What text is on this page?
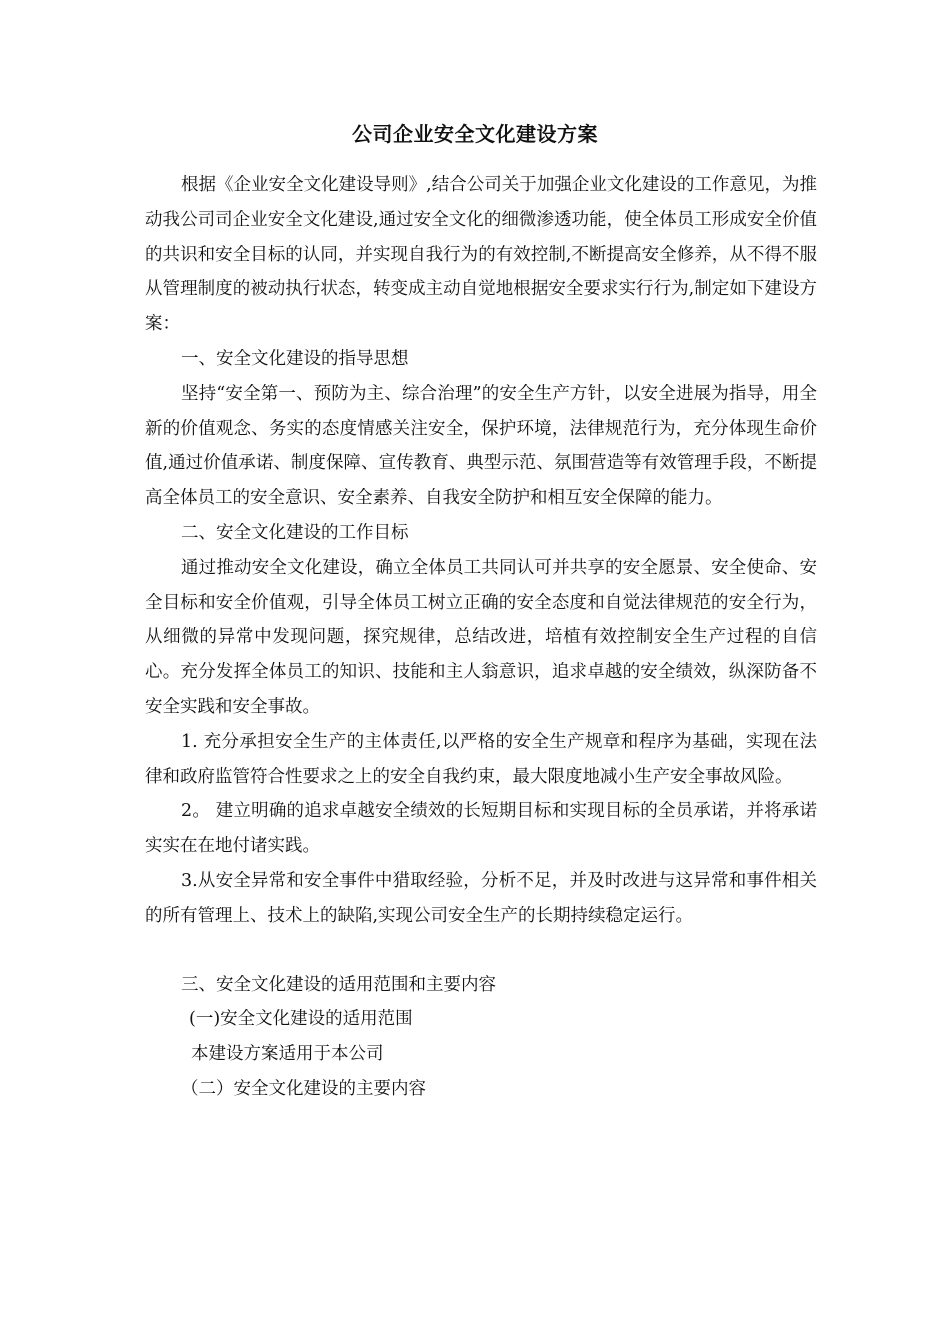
公司企业安全文化建设方案

根据《企业安全文化建设导则》,结合公司关于加强企业文化建设的工作意见，为推动我公司司企业安全文化建设,通过安全文化的细微渗透功能，使全体员工形成安全价值的共识和安全目标的认同，并实现自我行为的有效控制,不断提高安全修养，从不得不服从管理制度的被动执行状态，转变成主动自觉地根据安全要求实行行为,制定如下建设方案：

一、安全文化建设的指导思想

坚持“安全第一、预防为主、综合治理”的安全生产方针，以安全进展为指导，用全新的价值观念、务实的态度情感关注安全，保护环境，法律规范行为，充分体现生命价值,通过价值承诺、制度保障、宣传教育、典型示范、氛围营造等有效管理手段，不断提高全体员工的安全意识、安全素养、自我安全防护和相互安全保障的能力。

二、安全文化建设的工作目标

通过推动安全文化建设，确立全体员工共同认可并共享的安全愿景、安全使命、安全目标和安全价值观，引导全体员工树立正确的安全态度和自觉法律规范的安全行为，从细微的异常中发现问题，探究规律，总结改进，培植有效控制安全生产过程的自信心。充分发挥全体员工的知识、技能和主人翁意识，追求卓越的安全绩效，纵深防备不安全实践和安全事故。

1. 充分承担安全生产的主体责任,以严格的安全生产规章和程序为基础，实现在法律和政府监管符合性要求之上的安全自我约束，最大限度地减小生产安全事故风险。

2。 建立明确的追求卓越安全绩效的长短期目标和实现目标的全员承诺，并将承诺实实在在地付诸实践。

3.从安全异常和安全事件中猎取经验，分析不足，并及时改进与这异常和事件相关的所有管理上、技术上的缺陷,实现公司安全生产的长期持续稳定运行。

三、安全文化建设的适用范围和主要内容

(一)安全文化建设的适用范围

本建设方案适用于本公司

（二）安全文化建设的主要内容
